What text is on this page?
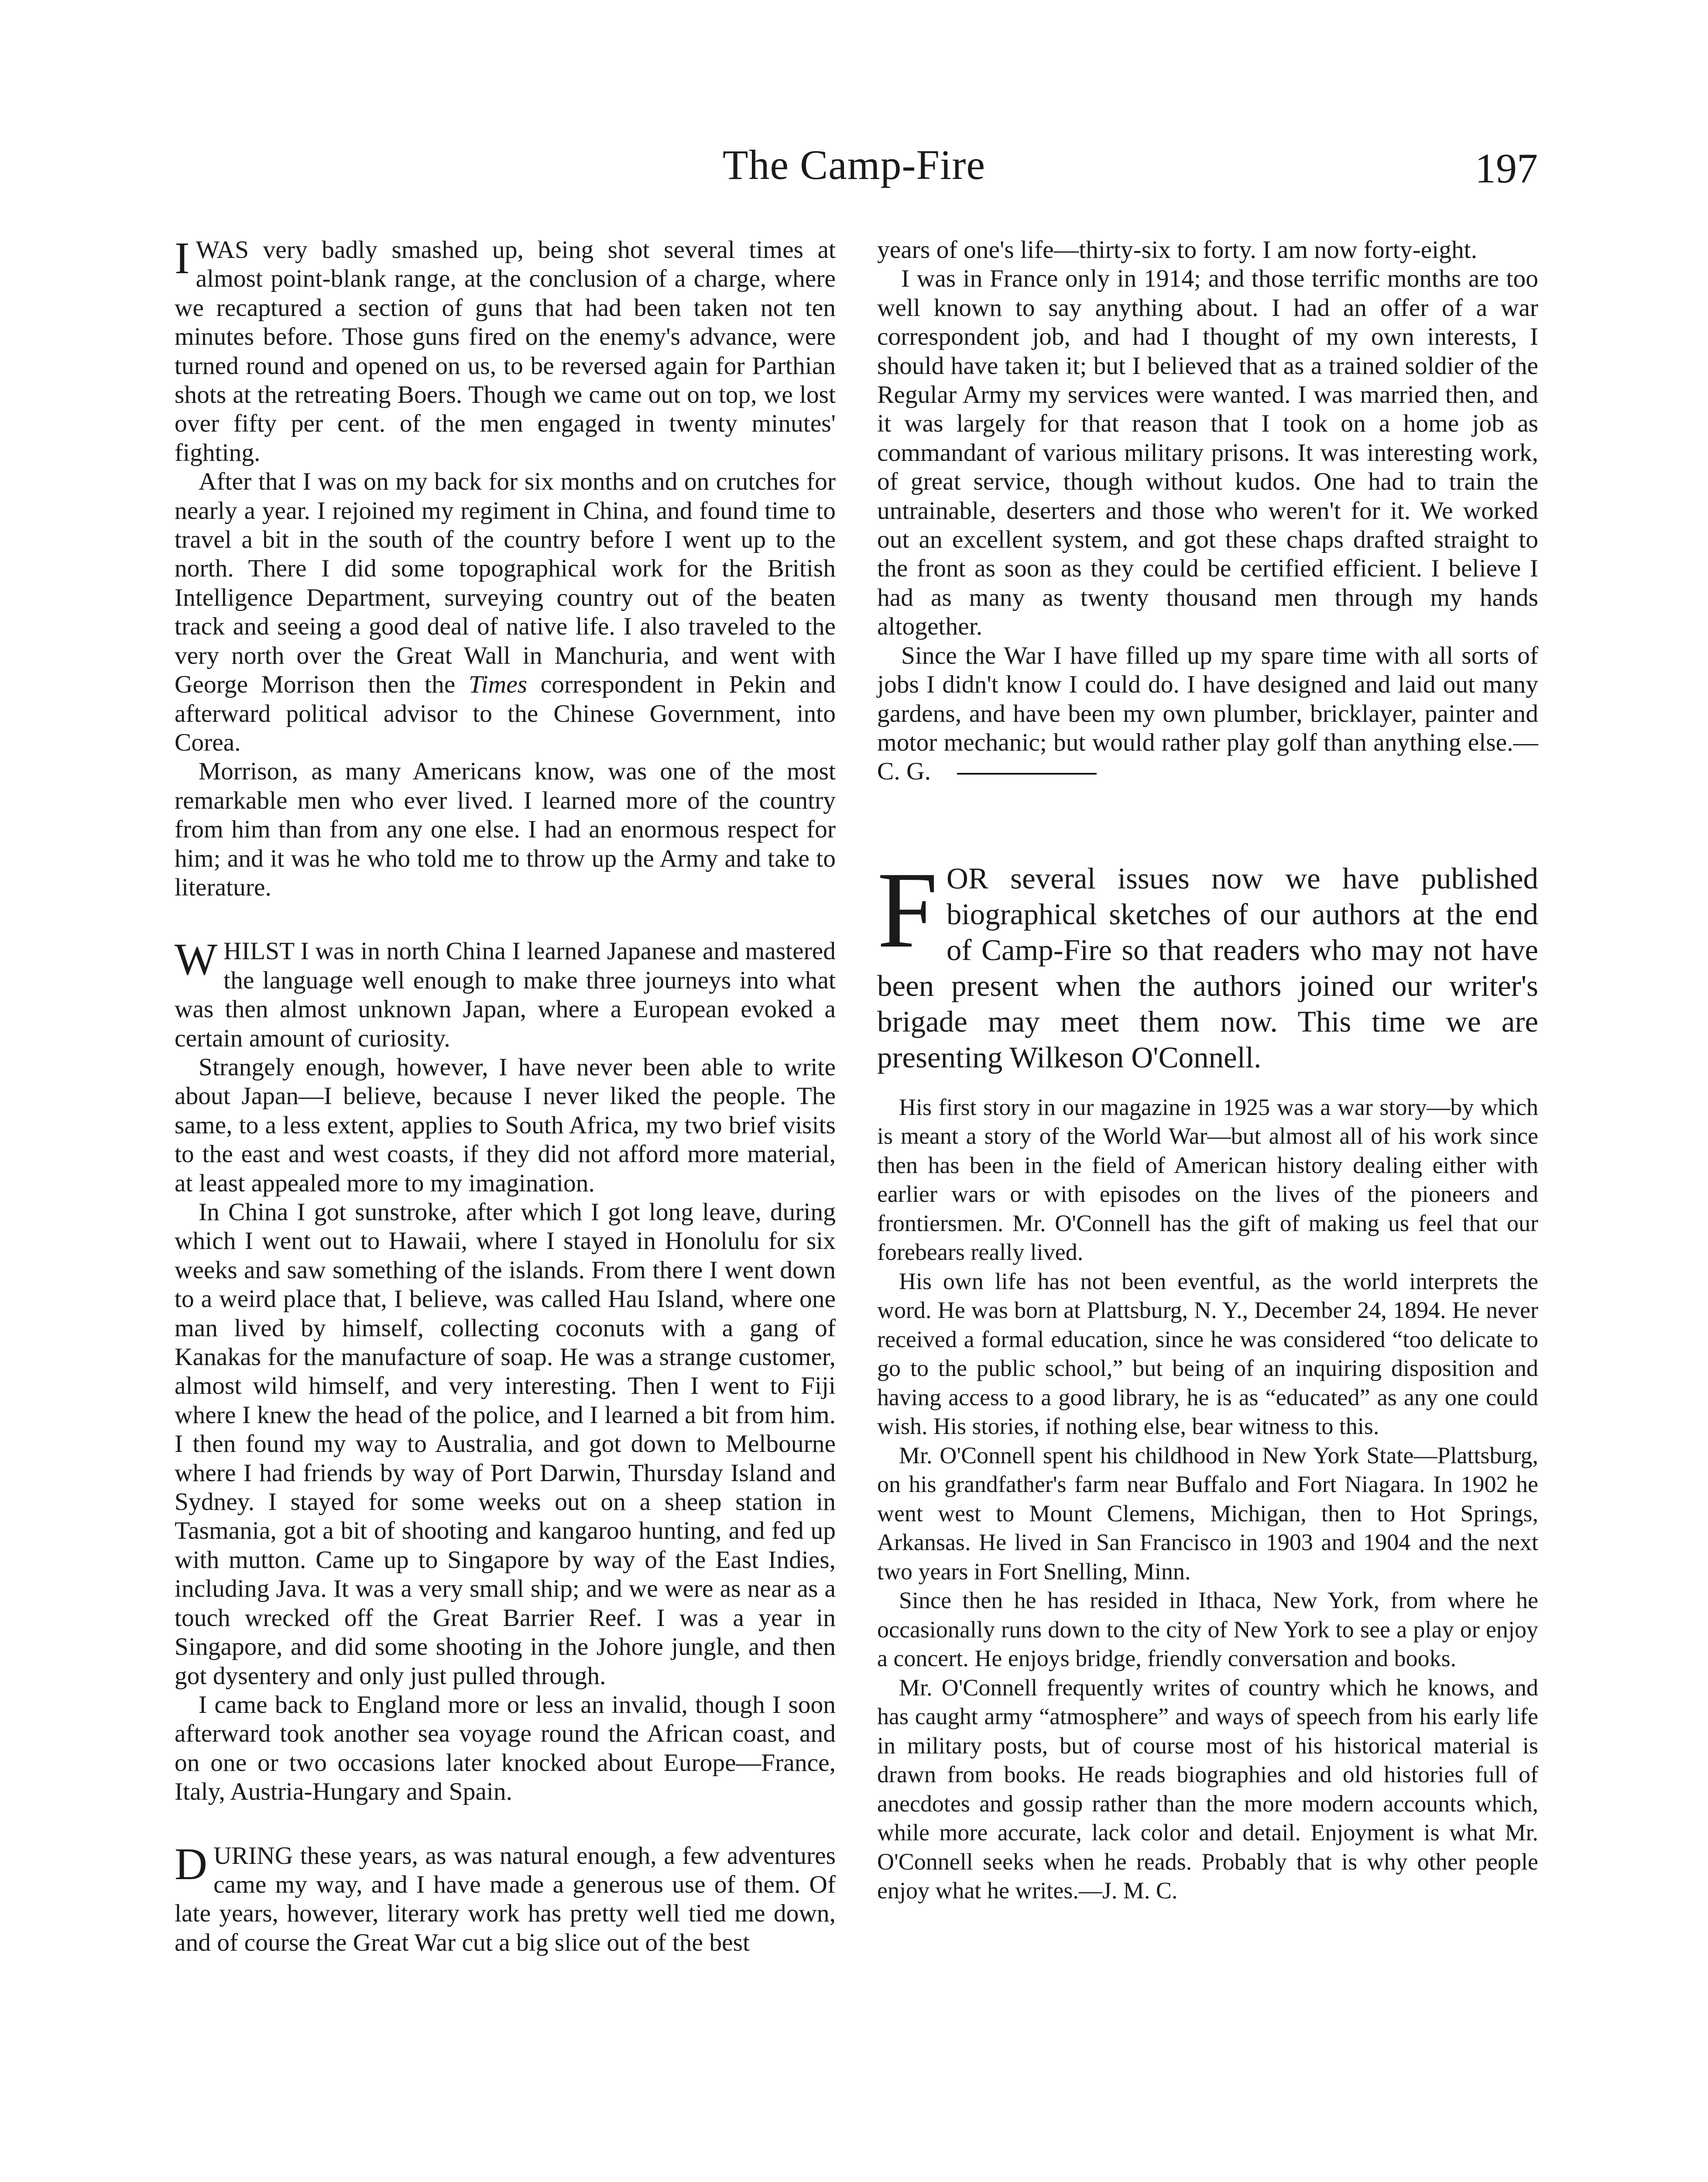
The Camp-Fire	197

I WAS very badly smashed up, being shot several times at almost point-blank range, at the conclusion of a charge, where we recaptured a section of guns that had been taken not ten minutes before. Those guns fired on the enemy's advance, were turned round and opened on us, to be reversed again for Parthian shots at the retreating Boers. Though we came out on top, we lost over fifty per cent. of the men engaged in twenty minutes' fighting.

After that I was on my back for six months and on crutches for nearly a year. I rejoined my regiment in China, and found time to travel a bit in the south of the country before I went up to the north. There I did some topographical work for the British Intelligence Department, surveying country out of the beaten track and seeing a good deal of native life. I also traveled to the very north over the Great Wall in Manchuria, and went with George Morrison then the Times correspondent in Pekin and afterward political advisor to the Chinese Government, into Corea.

Morrison, as many Americans know, was one of the most remarkable men who ever lived. I learned more of the country from him than from any one else. I had an enormous respect for him; and it was he who told me to throw up the Army and take to literature.

WHILST I was in north China I learned Japanese and mastered the language well enough to make three journeys into what was then almost unknown Japan, where a European evoked a certain amount of curiosity.

Strangely enough, however, I have never been able to write about Japan—I believe, because I never liked the people. The same, to a less extent, applies to South Africa, my two brief visits to the east and west coasts, if they did not afford more material, at least appealed more to my imagination.

In China I got sunstroke, after which I got long leave, during which I went out to Hawaii, where I stayed in Honolulu for six weeks and saw something of the islands. From there I went down to a weird place that, I believe, was called Hau Island, where one man lived by himself, collecting coconuts with a gang of Kanakas for the manufacture of soap. He was a strange customer, almost wild himself, and very interesting. Then I went to Fiji where I knew the head of the police, and I learned a bit from him. I then found my way to Australia, and got down to Melbourne where I had friends by way of Port Darwin, Thursday Island and Sydney. I stayed for some weeks out on a sheep station in Tasmania, got a bit of shooting and kangaroo hunting, and fed up with mutton. Came up to Singapore by way of the East Indies, including Java. It was a very small ship; and we were as near as a touch wrecked off the Great Barrier Reef. I was a year in Singapore, and did some shooting in the Johore jungle, and then got dysentery and only just pulled through.

I came back to England more or less an invalid, though I soon afterward took another sea voyage round the African coast, and on one or two occasions later knocked about Europe—France, Italy, Austria-Hungary and Spain.

DURING these years, as was natural enough, a few adventures came my way, and I have made a generous use of them. Of late years, however, literary work has pretty well tied me down, and of course the Great War cut a big slice out of the best

years of one's life—thirty-six to forty. I am now forty-eight.

I was in France only in 1914; and those terrific months are too well known to say anything about. I had an offer of a war correspondent job, and had I thought of my own interests, I should have taken it; but I believed that as a trained soldier of the Regular Army my services were wanted. I was married then, and it was largely for that reason that I took on a home job as commandant of various military prisons. It was interesting work, of great service, though without kudos. One had to train the untrainable, deserters and those who weren't for it. We worked out an excellent system, and got these chaps drafted straight to the front as soon as they could be certified efficient. I believe I had as many as twenty thousand men through my hands altogether.

Since the War I have filled up my spare time with all sorts of jobs I didn't know I could do. I have designed and laid out many gardens, and have been my own plumber, bricklayer, painter and motor mechanic; but would rather play golf than anything else.—C. G.

FOR several issues now we have published biographical sketches of our authors at the end of Camp-Fire so that readers who may not have been present when the authors joined our writer's brigade may meet them now. This time we are presenting Wilkeson O'Connell.

His first story in our magazine in 1925 was a war story—by which is meant a story of the World War—but almost all of his work since then has been in the field of American history dealing either with earlier wars or with episodes on the lives of the pioneers and frontiersmen. Mr. O'Connell has the gift of making us feel that our forebears really lived.

His own life has not been eventful, as the world interprets the word. He was born at Plattsburg, N. Y., December 24, 1894. He never received a formal education, since he was considered “too delicate to go to the public school,” but being of an inquiring disposition and having access to a good library, he is as “educated” as any one could wish. His stories, if nothing else, bear witness to this.

Mr. O'Connell spent his childhood in New York State—Plattsburg, on his grandfather's farm near Buffalo and Fort Niagara. In 1902 he went west to Mount Clemens, Michigan, then to Hot Springs, Arkansas. He lived in San Francisco in 1903 and 1904 and the next two years in Fort Snelling, Minn.

Since then he has resided in Ithaca, New York, from where he occasionally runs down to the city of New York to see a play or enjoy a concert. He enjoys bridge, friendly conversation and books.

Mr. O'Connell frequently writes of country which he knows, and has caught army “atmosphere” and ways of speech from his early life in military posts, but of course most of his historical material is drawn from books. He reads biographies and old histories full of anecdotes and gossip rather than the more modern accounts which, while more accurate, lack color and detail. Enjoyment is what Mr. O'Connell seeks when he reads. Probably that is why other people enjoy what he writes.—J. M. C.
